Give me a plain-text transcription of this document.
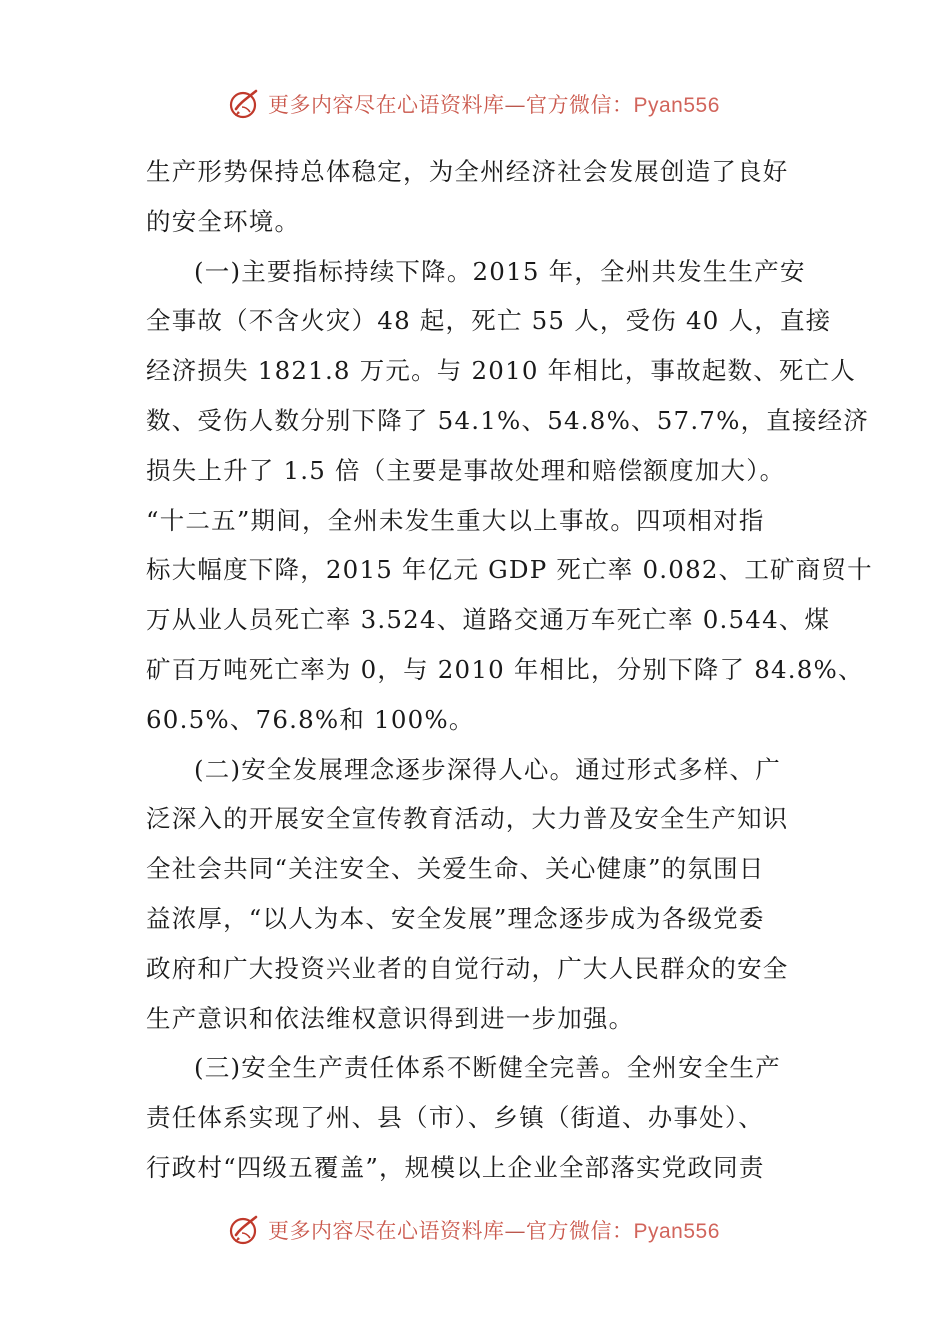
更多内容尽在心语资料库—官方微信：Pyan556
生产形势保持总体稳定，为全州经济社会发展创造了良好
的安全环境。
(一)主要指标持续下降。2015 年，全州共发生生产安
全事故（不含火灾）48 起，死亡 55 人，受伤 40 人，直接
经济损失 1821.8 万元。与 2010 年相比，事故起数、死亡人
数、受伤人数分别下降了 54.1%、54.8%、57.7%，直接经济
损失上升了 1.5 倍（主要是事故处理和赔偿额度加大）。
“十二五”期间，全州未发生重大以上事故。四项相对指
标大幅度下降，2015 年亿元 GDP 死亡率 0.082、工矿商贸十
万从业人员死亡率 3.524、道路交通万车死亡率 0.544、煤
矿百万吨死亡率为 0，与 2010 年相比，分别下降了 84.8%、
60.5%、76.8%和 100%。
(二)安全发展理念逐步深得人心。通过形式多样、广
泛深入的开展安全宣传教育活动，大力普及安全生产知识
全社会共同“关注安全、关爱生命、关心健康”的氛围日
益浓厚，“以人为本、安全发展”理念逐步成为各级党委
政府和广大投资兴业者的自觉行动，广大人民群众的安全
生产意识和依法维权意识得到进一步加强。
(三)安全生产责任体系不断健全完善。全州安全生产
责任体系实现了州、县（市）、乡镇（街道、办事处）、
行政村“四级五覆盖”，规模以上企业全部落实党政同责
更多内容尽在心语资料库—官方微信：Pyan556
